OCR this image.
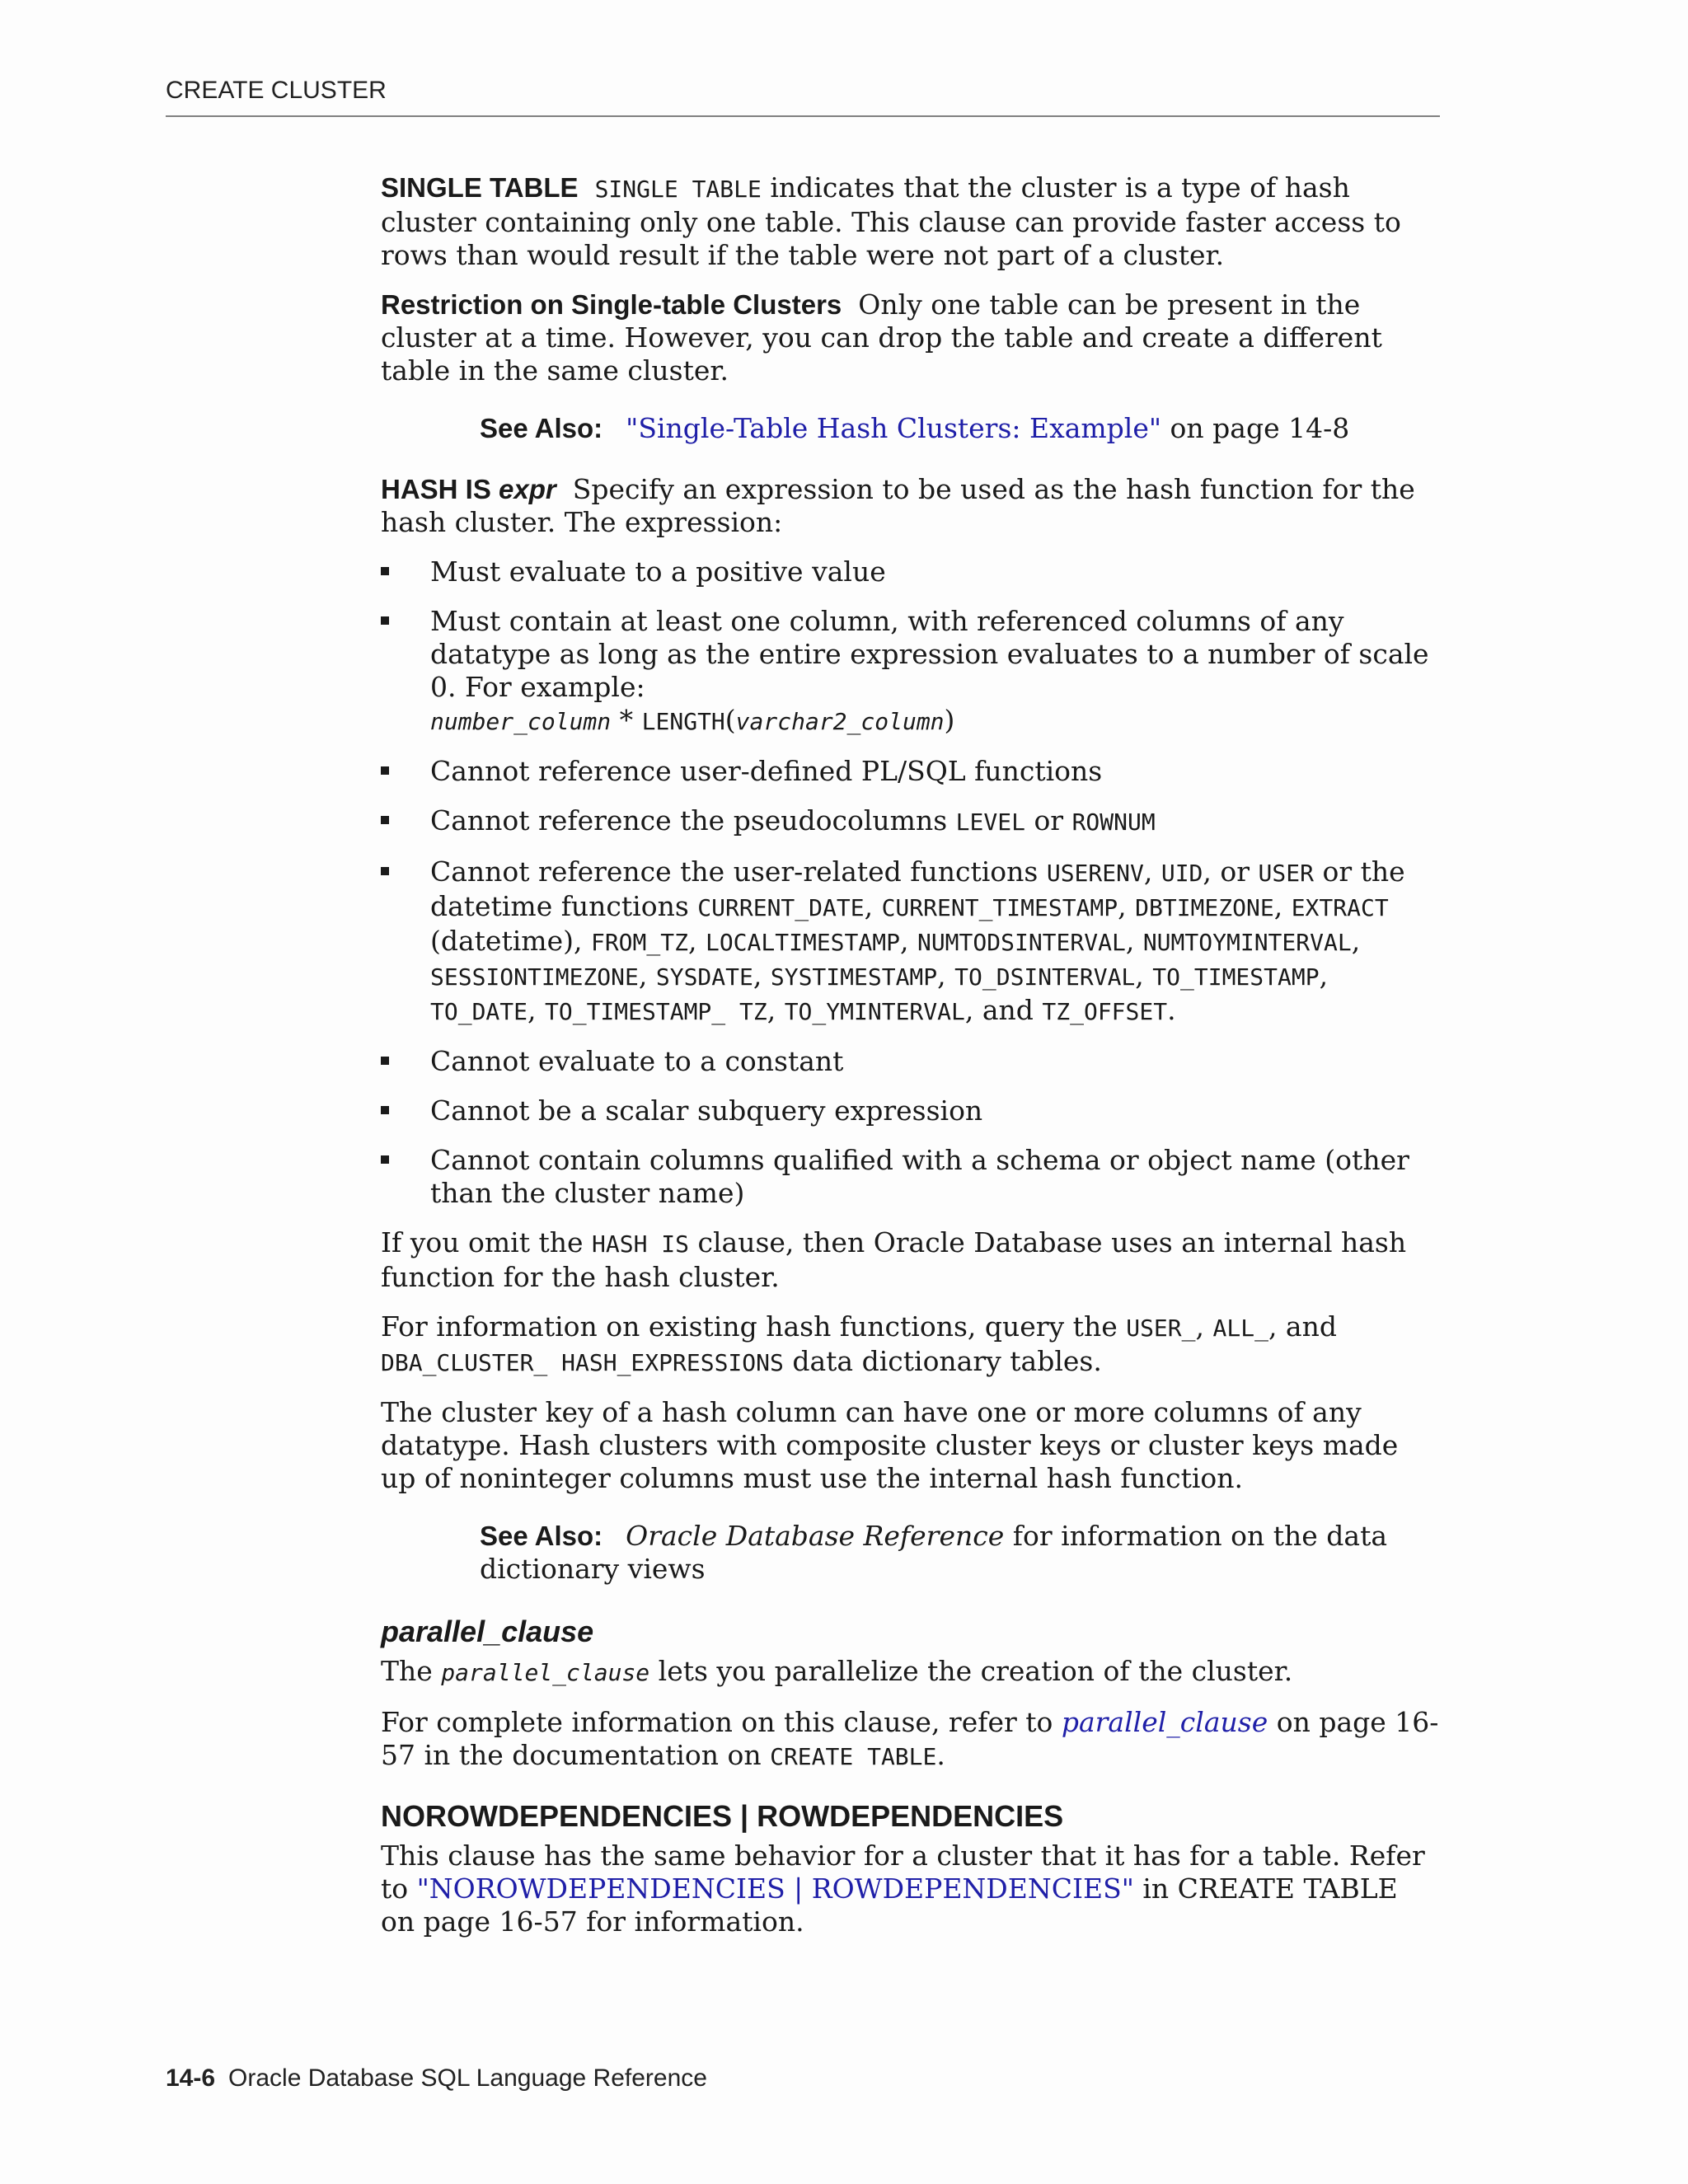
CREATE CLUSTER

SINGLE TABLE SINGLE TABLE indicates that the cluster is a type of hash cluster containing only one table. This clause can provide faster access to rows than would result if the table were not part of a cluster.

Restriction on Single-table Clusters Only one table can be present in the cluster at a time. However, you can drop the table and create a different table in the same cluster.

See Also: "Single-Table Hash Clusters: Example" on page 14-8

HASH IS expr Specify an expression to be used as the hash function for the hash cluster. The expression:

Must evaluate to a positive value
Must contain at least one column, with referenced columns of any datatype as long as the entire expression evaluates to a number of scale 0. For example:
number_column * LENGTH(varchar2_column)
Cannot reference user-defined PL/SQL functions
Cannot reference the pseudocolumns LEVEL or ROWNUM
Cannot reference the user-related functions USERENV, UID, or USER or the datetime functions CURRENT_DATE, CURRENT_TIMESTAMP, DBTIMEZONE, EXTRACT (datetime), FROM_TZ, LOCALTIMESTAMP, NUMTODSINTERVAL, NUMTOYMINTERVAL, SESSIONTIMEZONE, SYSDATE, SYSTIMESTAMP, TO_DSINTERVAL, TO_TIMESTAMP, TO_DATE, TO_TIMESTAMP_ TZ, TO_YMINTERVAL, and TZ_OFFSET.
Cannot evaluate to a constant
Cannot be a scalar subquery expression
Cannot contain columns qualified with a schema or object name (other than the cluster name)

If you omit the HASH IS clause, then Oracle Database uses an internal hash function for the hash cluster.

For information on existing hash functions, query the USER_, ALL_, and DBA_CLUSTER_ HASH_EXPRESSIONS data dictionary tables.

The cluster key of a hash column can have one or more columns of any datatype. Hash clusters with composite cluster keys or cluster keys made up of noninteger columns must use the internal hash function.

See Also: Oracle Database Reference for information on the data dictionary views

parallel_clause

The parallel_clause lets you parallelize the creation of the cluster.

For complete information on this clause, refer to parallel_clause on page 16-57 in the documentation on CREATE TABLE.

NOROWDEPENDENCIES | ROWDEPENDENCIES

This clause has the same behavior for a cluster that it has for a table. Refer to "NOROWDEPENDENCIES | ROWDEPENDENCIES" in CREATE TABLE on page 16-57 for information.

14-6 Oracle Database SQL Language Reference
